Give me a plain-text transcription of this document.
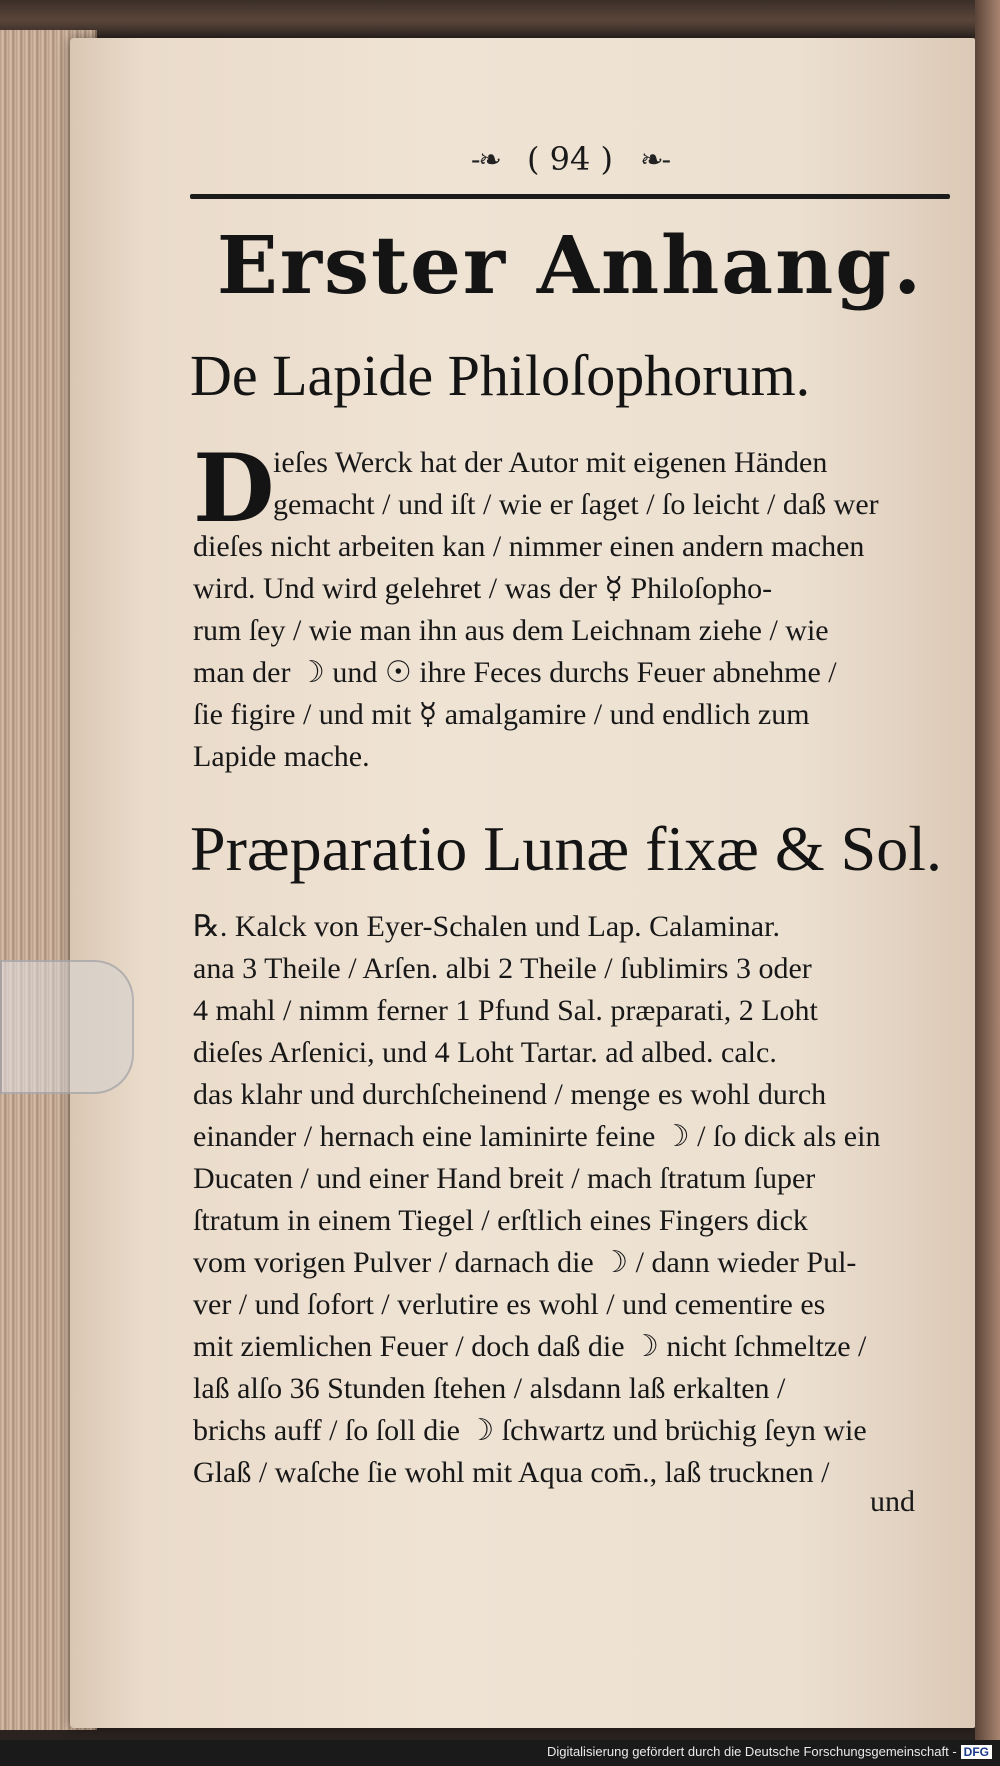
-❧ ( 94 ) ❧-
Erster Anhang.
De Lapide Philoſophorum.
D
ieſes Werck hat der Autor mit eigenen Händen
gemacht / und iſt / wie er ſaget / ſo leicht / daß wer
dieſes nicht arbeiten kan / nimmer einen andern machen
wird. Und wird gelehret / was der ☿ Philoſopho-
rum ſey / wie man ihn aus dem Leichnam ziehe / wie
man der ☽ und ☉ ihre Feces durchs Feuer abnehme /
ſie figire / und mit ☿ amalgamire / und endlich zum
Lapide mache.
Præparatio Lunæ fixæ & Sol.
℞. Kalck von Eyer-Schalen und Lap. Calaminar.
ana 3 Theile / Arſen. albi 2 Theile / ſublimirs 3 oder
4 mahl / nimm ferner 1 Pfund Sal. præparati, 2 Loht
dieſes Arſenici, und 4 Loht Tartar. ad albed. calc.
das klahr und durchſcheinend / menge es wohl durch
einander / hernach eine laminirte feine ☽ / ſo dick als ein
Ducaten / und einer Hand breit / mach ſtratum ſuper
ſtratum in einem Tiegel / erſtlich eines Fingers dick
vom vorigen Pulver / darnach die ☽ / dann wieder Pul-
ver / und ſofort / verlutire es wohl / und cementire es
mit ziemlichen Feuer / doch daß die ☽ nicht ſchmeltze /
laß alſo 36 Stunden ſtehen / alsdann laß erkalten /
brichs auff / ſo ſoll die ☽ ſchwartz und brüchig ſeyn wie
Glaß / waſche ſie wohl mit Aqua com̄., laß trucknen /
und
Digitalisierung gefördert durch die Deutsche Forschungsgemeinschaft - DFG
